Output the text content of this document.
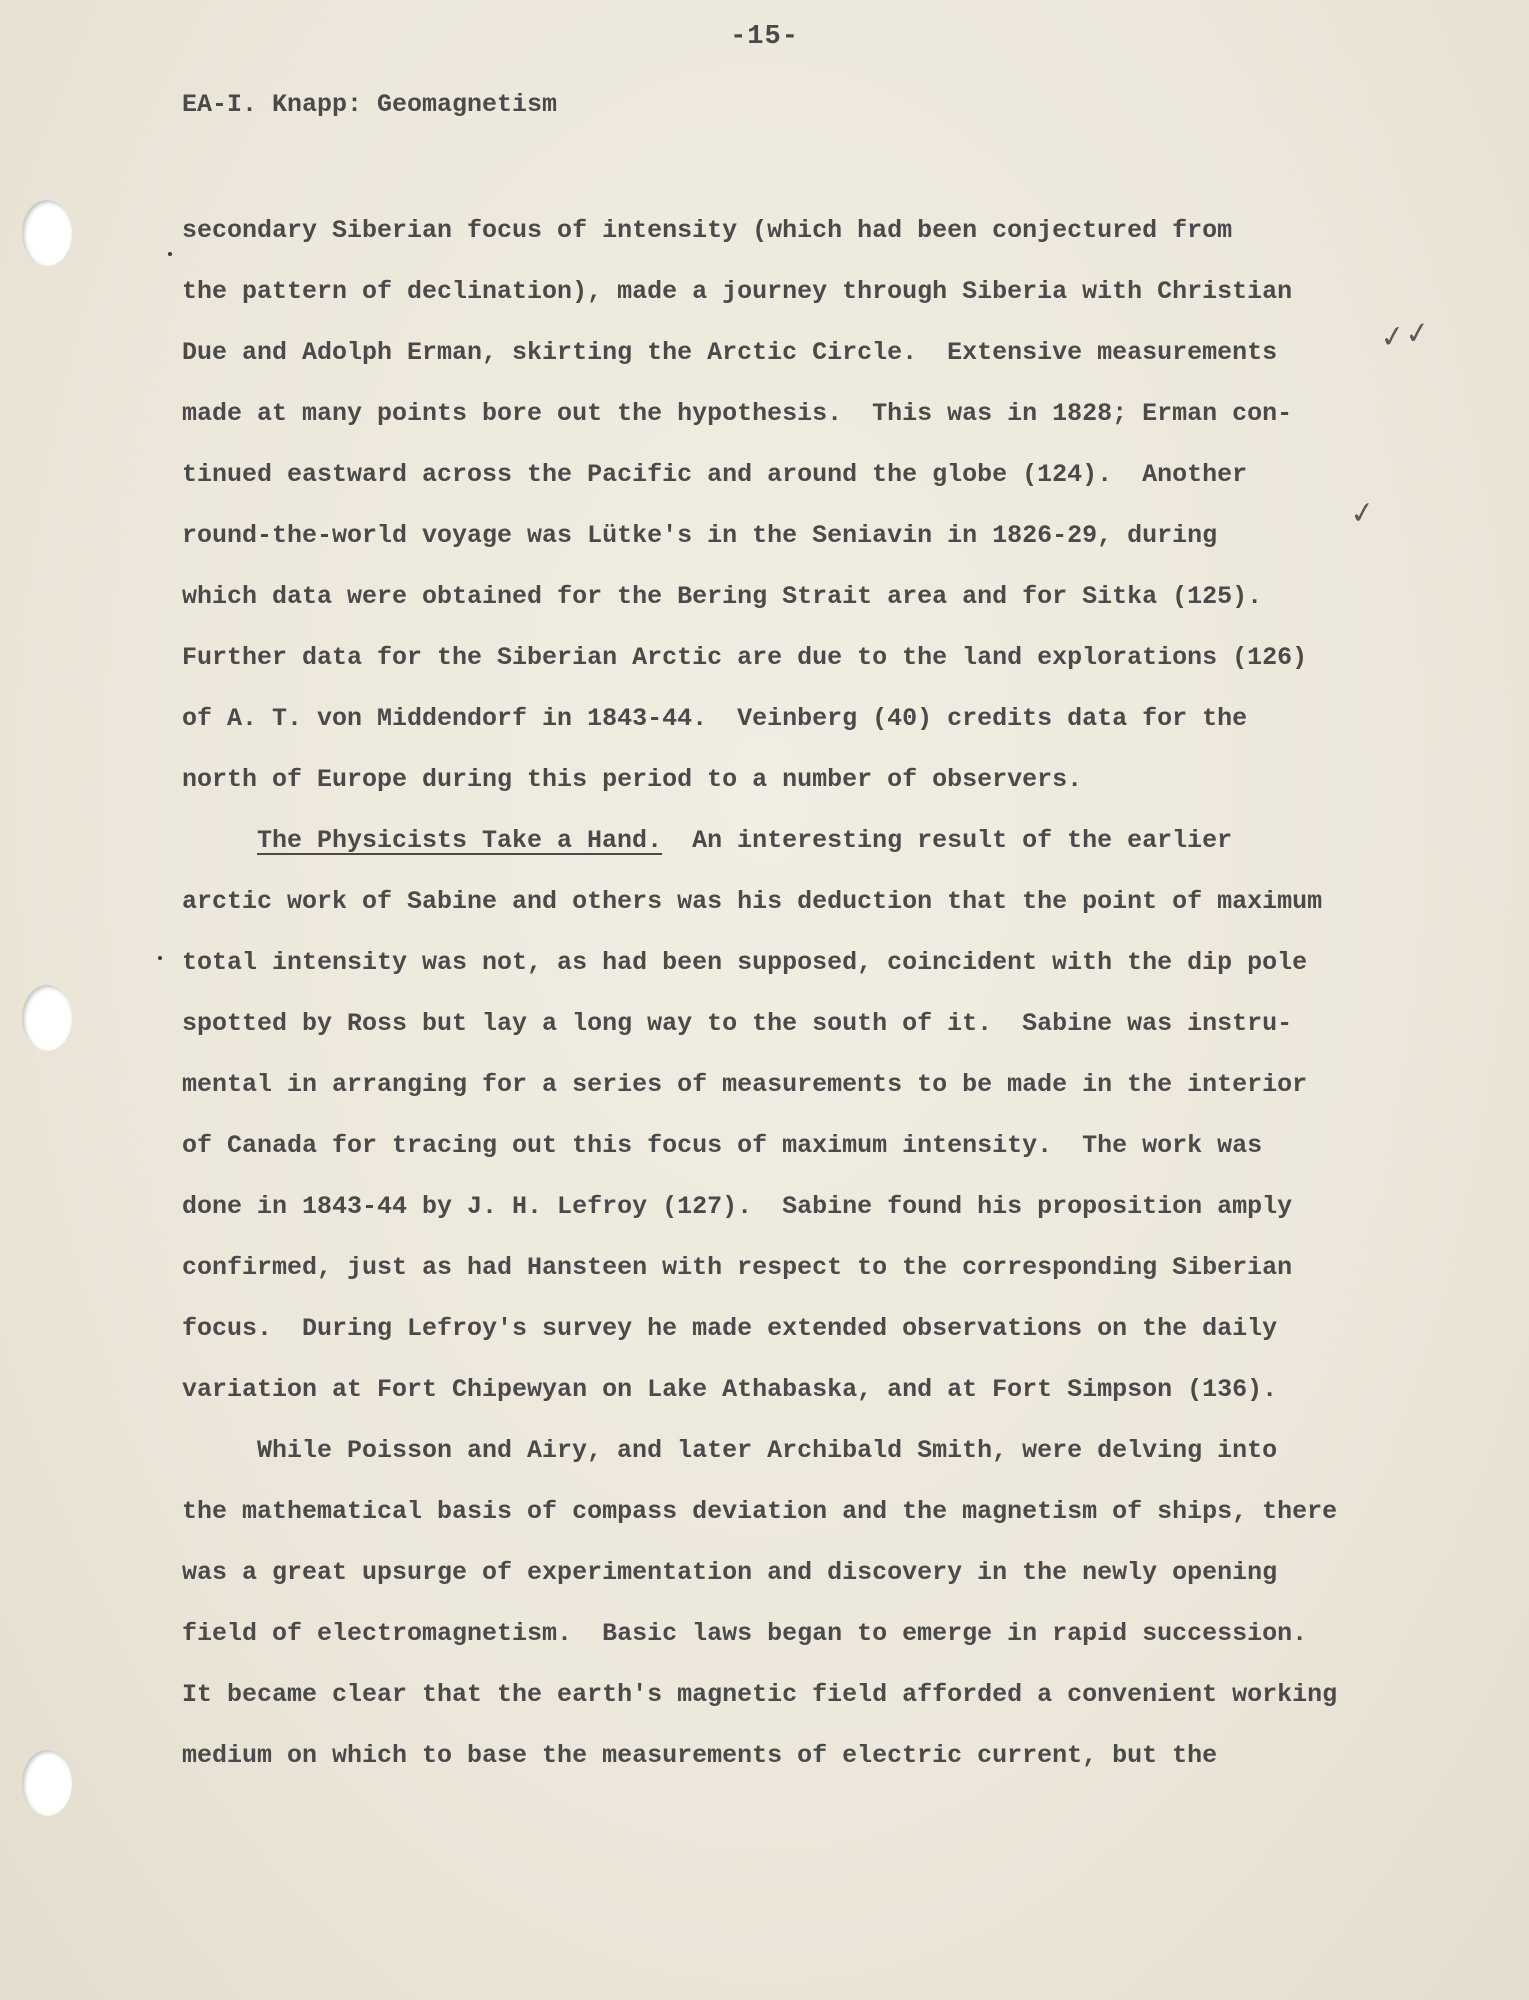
-15-
EA-I. Knapp: Geomagnetism
✓✓
✓
secondary Siberian focus of intensity (which had been conjectured from
the pattern of declination), made a journey through Siberia with Christian
Due and Adolph Erman, skirting the Arctic Circle.  Extensive measurements
made at many points bore out the hypothesis.  This was in 1828; Erman con-
tinued eastward across the Pacific and around the globe (124).  Another
round-the-world voyage was Lütke's in the Seniavin in 1826-29, during
which data were obtained for the Bering Strait area and for Sitka (125).
Further data for the Siberian Arctic are due to the land explorations (126)
of A. T. von Middendorf in 1843-44.  Veinberg (40) credits data for the
north of Europe during this period to a number of observers.
The Physicists Take a Hand.  An interesting result of the earlier
arctic work of Sabine and others was his deduction that the point of maximum
total intensity was not, as had been supposed, coincident with the dip pole
spotted by Ross but lay a long way to the south of it.  Sabine was instru-
mental in arranging for a series of measurements to be made in the interior
of Canada for tracing out this focus of maximum intensity.  The work was
done in 1843-44 by J. H. Lefroy (127).  Sabine found his proposition amply
confirmed, just as had Hansteen with respect to the corresponding Siberian
focus.  During Lefroy's survey he made extended observations on the daily
variation at Fort Chipewyan on Lake Athabaska, and at Fort Simpson (136).
While Poisson and Airy, and later Archibald Smith, were delving into
the mathematical basis of compass deviation and the magnetism of ships, there
was a great upsurge of experimentation and discovery in the newly opening
field of electromagnetism.  Basic laws began to emerge in rapid succession.
It became clear that the earth's magnetic field afforded a convenient working
medium on which to base the measurements of electric current, but the
